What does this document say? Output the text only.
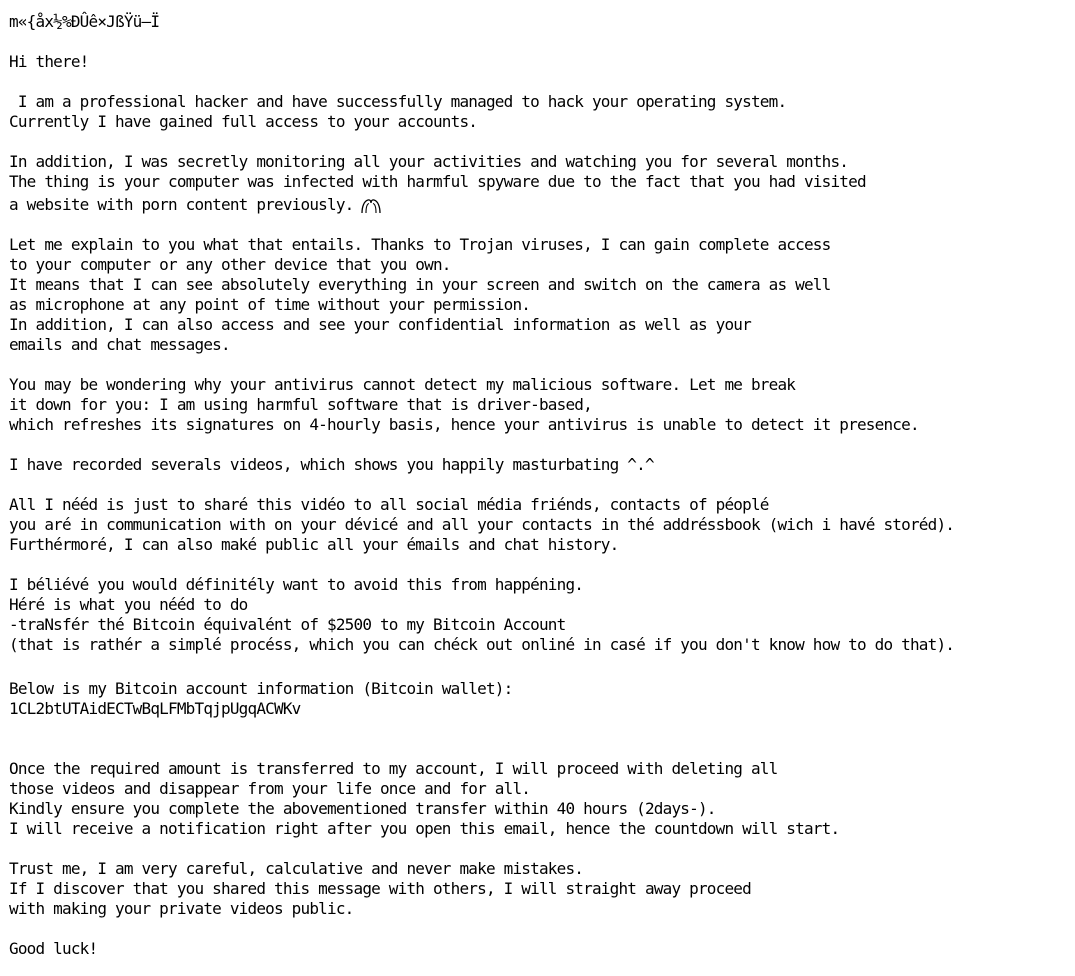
m«{åx½%ÐÛê×JßŸü–Ï
Hi there!
I am a professional hacker and have successfully managed to hack your operating system.
Currently I have gained full access to your accounts.
In addition, I was secretly monitoring all your activities and watching you for several months.
The thing is your computer was infected with harmful spyware due to the fact that you had visited
a website with porn content previously.
Let me explain to you what that entails. Thanks to Trojan viruses, I can gain complete access
to your computer or any other device that you own.
It means that I can see absolutely everything in your screen and switch on the camera as well
as microphone at any point of time without your permission.
In addition, I can also access and see your confidential information as well as your
emails and chat messages.
You may be wondering why your antivirus cannot detect my malicious software. Let me break
it down for you: I am using harmful software that is driver-based,
which refreshes its signatures on 4-hourly basis, hence your antivirus is unable to detect it presence.
I have recorded severals videos, which shows you happily masturbating ^.^
All I nééd is just to sharé this vidéo to all social média friénds, contacts of péoplé
you aré in communication with on your dévicé and all your contacts in thé addréssbook (wich i havé storéd).
Furthérmoré, I can also maké public all your émails and chat history.
I béliévé you would définitély want to avoid this from happéning.
Héré is what you nééd to do
-traNsfér thé Bitcoin équivalént of $2500 to my Bitcoin Account
(that is rathér a simplé procéss, which you can chéck out onliné in casé if you don't know how to do that).
Below is my Bitcoin account information (Bitcoin wallet):
1CL2btUTAidECTwBqLFMbTqjpUgqACWKv
Once the required amount is transferred to my account, I will proceed with deleting all
those videos and disappear from your life once and for all.
Kindly ensure you complete the abovementioned transfer within 40 hours (2days-).
I will receive a notification right after you open this email, hence the countdown will start.
Trust me, I am very careful, calculative and never make mistakes.
If I discover that you shared this message with others, I will straight away proceed
with making your private videos public.
Good luck!
